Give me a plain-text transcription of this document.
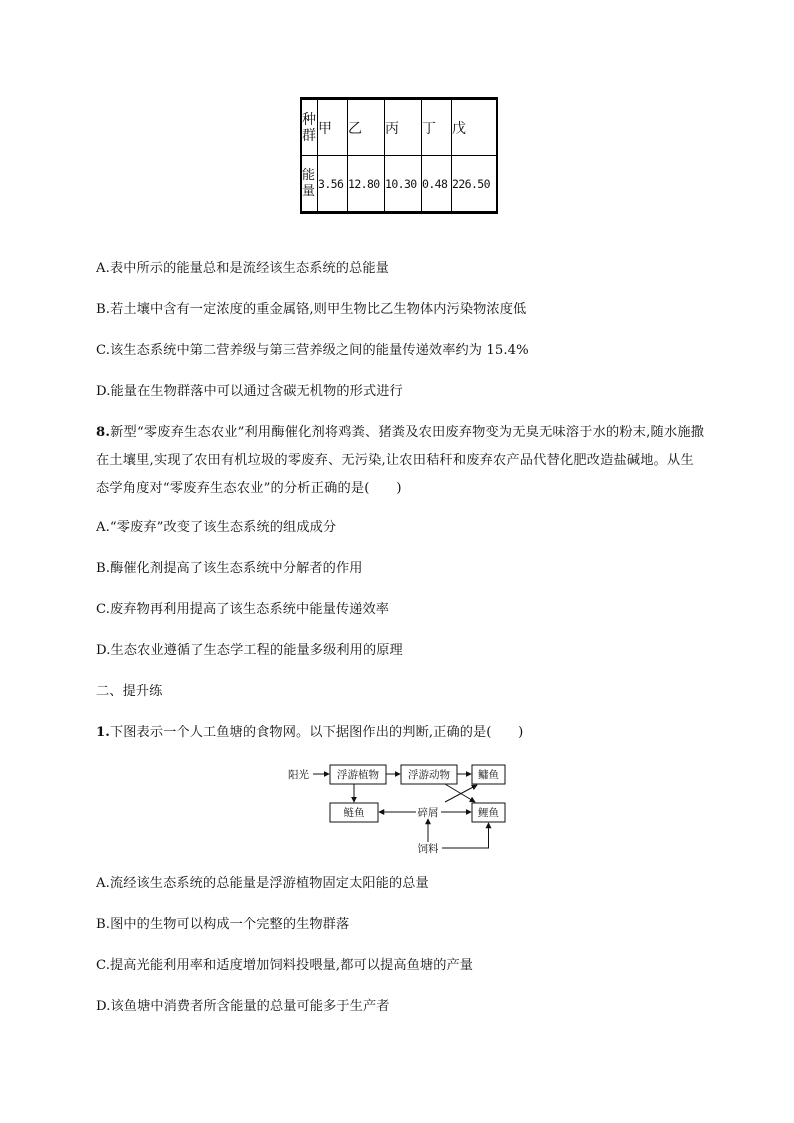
种群	甲	乙	丙	丁	戊
能量	3.56	12.80	10.30	0.48	226.50
A.表中所示的能量总和是流经该生态系统的总能量
B.若土壤中含有一定浓度的重金属铬,则甲生物比乙生物体内污染物浓度低
C.该生态系统中第二营养级与第三营养级之间的能量传递效率约为 15.4%
D.能量在生物群落中可以通过含碳无机物的形式进行
8.新型“零废弃生态农业”利用酶催化剂将鸡粪、猪粪及农田废弃物变为无臭无味溶于水的粉末,随水施撒在土壤里,实现了农田有机垃圾的零废弃、无污染,让农田秸秆和废弃农产品代替化肥改造盐碱地。从生态学角度对“零废弃生态农业”的分析正确的是(　　)
A.“零废弃”改变了该生态系统的组成成分
B.酶催化剂提高了该生态系统中分解者的作用
C.废弃物再利用提高了该生态系统中能量传递效率
D.生态农业遵循了生态学工程的能量多级利用的原理
二、提升练
1.下图表示一个人工鱼塘的食物网。以下据图作出的判断,正确的是(　　)
阳光	浮游植物	浮游动物	鳙鱼
鲢鱼	碎屑	鲤鱼
饲料
A.流经该生态系统的总能量是浮游植物固定太阳能的总量
B.图中的生物可以构成一个完整的生物群落
C.提高光能利用率和适度增加饲料投喂量,都可以提高鱼塘的产量
D.该鱼塘中消费者所含能量的总量可能多于生产者
